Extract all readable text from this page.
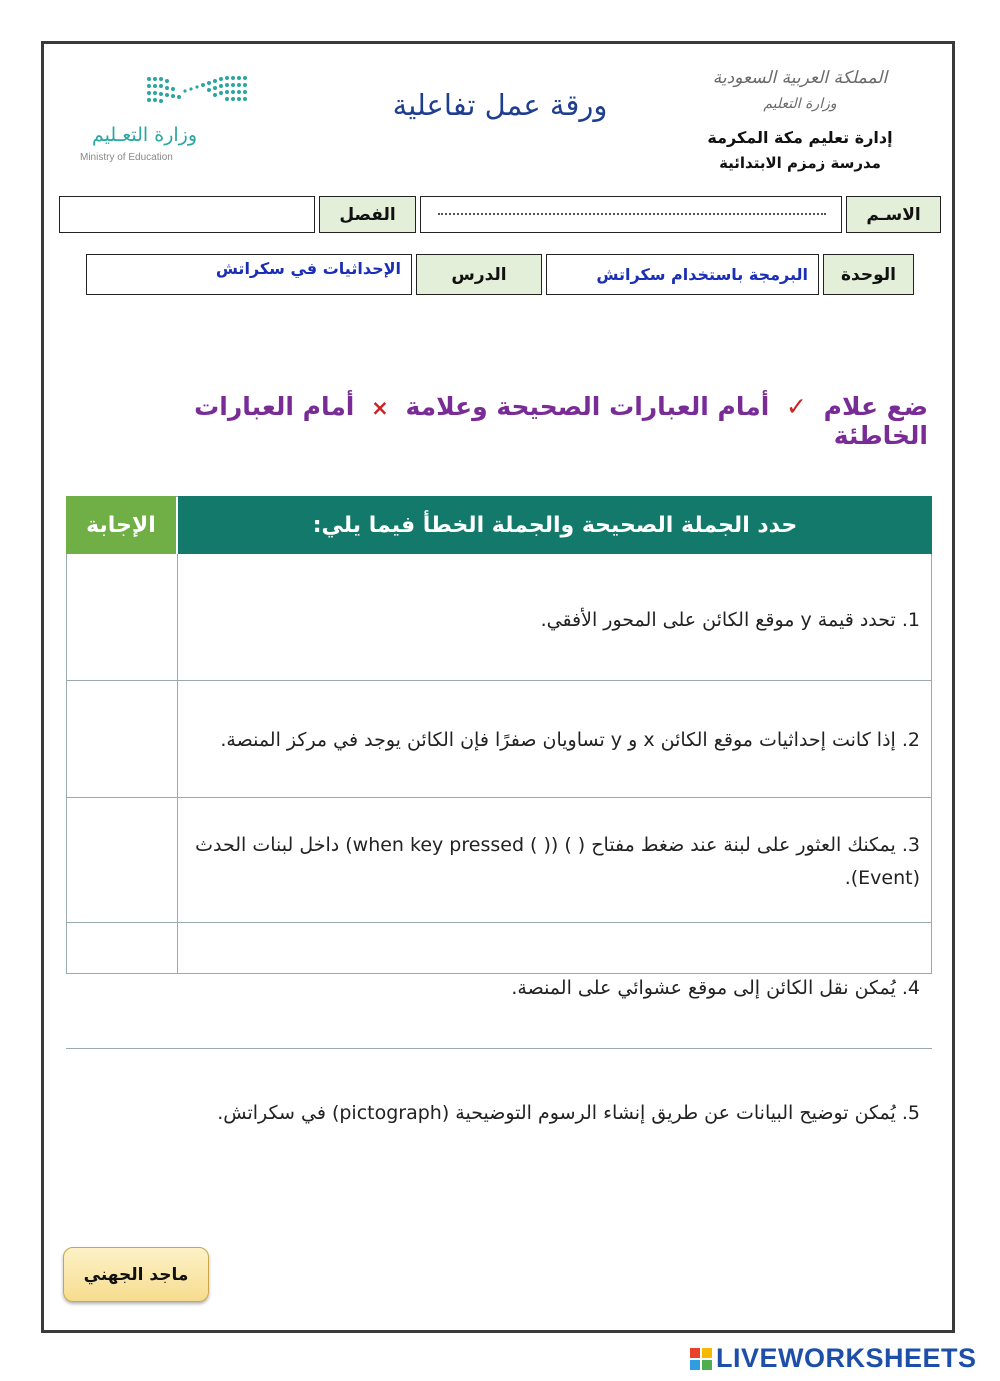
وزارة التعـليم
Ministry of Education
ورقة عمل تفاعلية
المملكة العربية السعودية
وزارة التعليم
إدارة تعليم مكة المكرمة
مدرسة زمزم الابتدائية
الاسـم
الفصل
الوحدة
البرمجة باستخدام سكراتش
الدرس
الإحداثيات في سكراتش
ضع علام ✓ أمام العبارات الصحيحة وعلامة × أمام العبارات الخاطئة
حدد الجملة الصحيحة والجملة الخطأ فيما يلي:
الإجابة
1. تحدد قيمة y موقع الكائن على المحور الأفقي.
2. إذا كانت إحداثيات موقع الكائن x و y تساويان صفرًا فإن الكائن يوجد في مركز المنصة.
3. يمكنك العثور على لبنة عند ضغط مفتاح ( ) (( ) when key pressed) داخل لبنات الحدث (Event).
4. يُمكن نقل الكائن إلى موقع عشوائي على المنصة.
5. يُمكن توضيح البيانات عن طريق إنشاء الرسوم التوضيحية (pictograph) في سكراتش.
ماجد الجهني
LIVEWORKSHEETS
